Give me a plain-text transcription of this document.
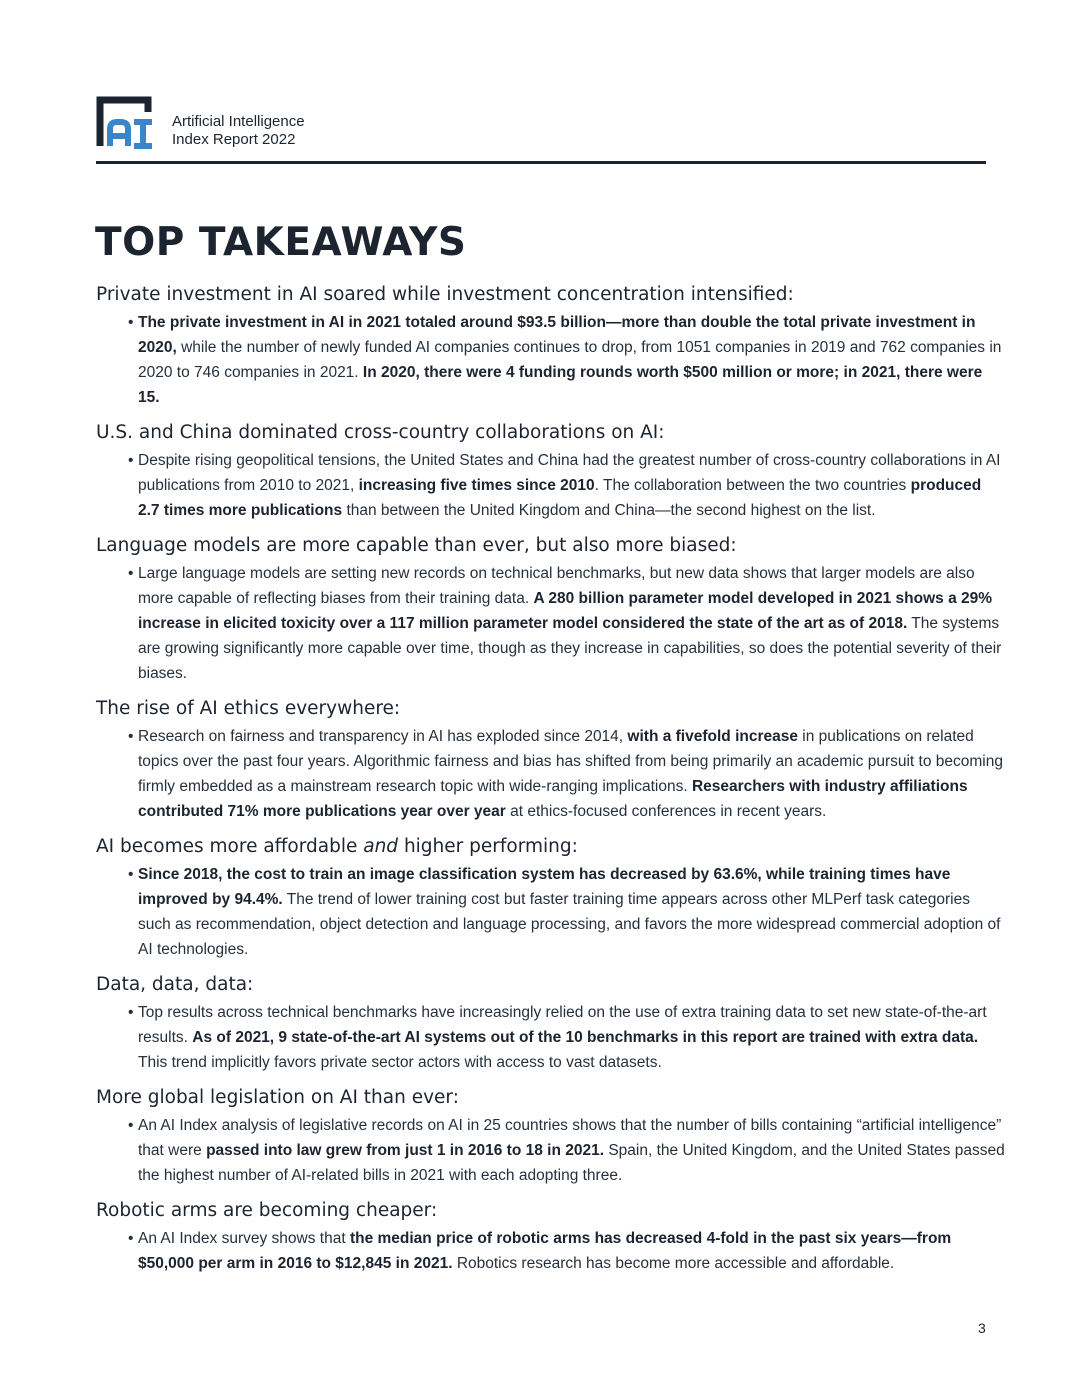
Artificial Intelligence
Index Report 2022
TOP TAKEAWAYS
Private investment in AI soared while investment concentration intensified:
• The private investment in AI in 2021 totaled around $93.5 billion—more than double the total private investment in 2020, while the number of newly funded AI companies continues to drop, from 1051 companies in 2019 and 762 companies in 2020 to 746 companies in 2021. In 2020, there were 4 funding rounds worth $500 million or more; in 2021, there were 15.
U.S. and China dominated cross-country collaborations on AI:
• Despite rising geopolitical tensions, the United States and China had the greatest number of cross-country collaborations in AI publications from 2010 to 2021, increasing five times since 2010. The collaboration between the two countries produced 2.7 times more publications than between the United Kingdom and China—the second highest on the list.
Language models are more capable than ever, but also more biased:
• Large language models are setting new records on technical benchmarks, but new data shows that larger models are also more capable of reflecting biases from their training data. A 280 billion parameter model developed in 2021 shows a 29% increase in elicited toxicity over a 117 million parameter model considered the state of the art as of 2018. The systems are growing significantly more capable over time, though as they increase in capabilities, so does the potential severity of their biases.
The rise of AI ethics everywhere:
• Research on fairness and transparency in AI has exploded since 2014, with a fivefold increase in publications on related topics over the past four years. Algorithmic fairness and bias has shifted from being primarily an academic pursuit to becoming firmly embedded as a mainstream research topic with wide-ranging implications. Researchers with industry affiliations contributed 71% more publications year over year at ethics-focused conferences in recent years.
AI becomes more affordable and higher performing:
• Since 2018, the cost to train an image classification system has decreased by 63.6%, while training times have improved by 94.4%. The trend of lower training cost but faster training time appears across other MLPerf task categories such as recommendation, object detection and language processing, and favors the more widespread commercial adoption of AI technologies.
Data, data, data:
• Top results across technical benchmarks have increasingly relied on the use of extra training data to set new state-of-the-art results. As of 2021, 9 state-of-the-art AI systems out of the 10 benchmarks in this report are trained with extra data. This trend implicitly favors private sector actors with access to vast datasets.
More global legislation on AI than ever:
• An AI Index analysis of legislative records on AI in 25 countries shows that the number of bills containing “artificial intelligence” that were passed into law grew from just 1 in 2016 to 18 in 2021. Spain, the United Kingdom, and the United States passed the highest number of AI-related bills in 2021 with each adopting three.
Robotic arms are becoming cheaper:
• An AI Index survey shows that the median price of robotic arms has decreased 4-fold in the past six years—from $50,000 per arm in 2016 to $12,845 in 2021. Robotics research has become more accessible and affordable.
3
